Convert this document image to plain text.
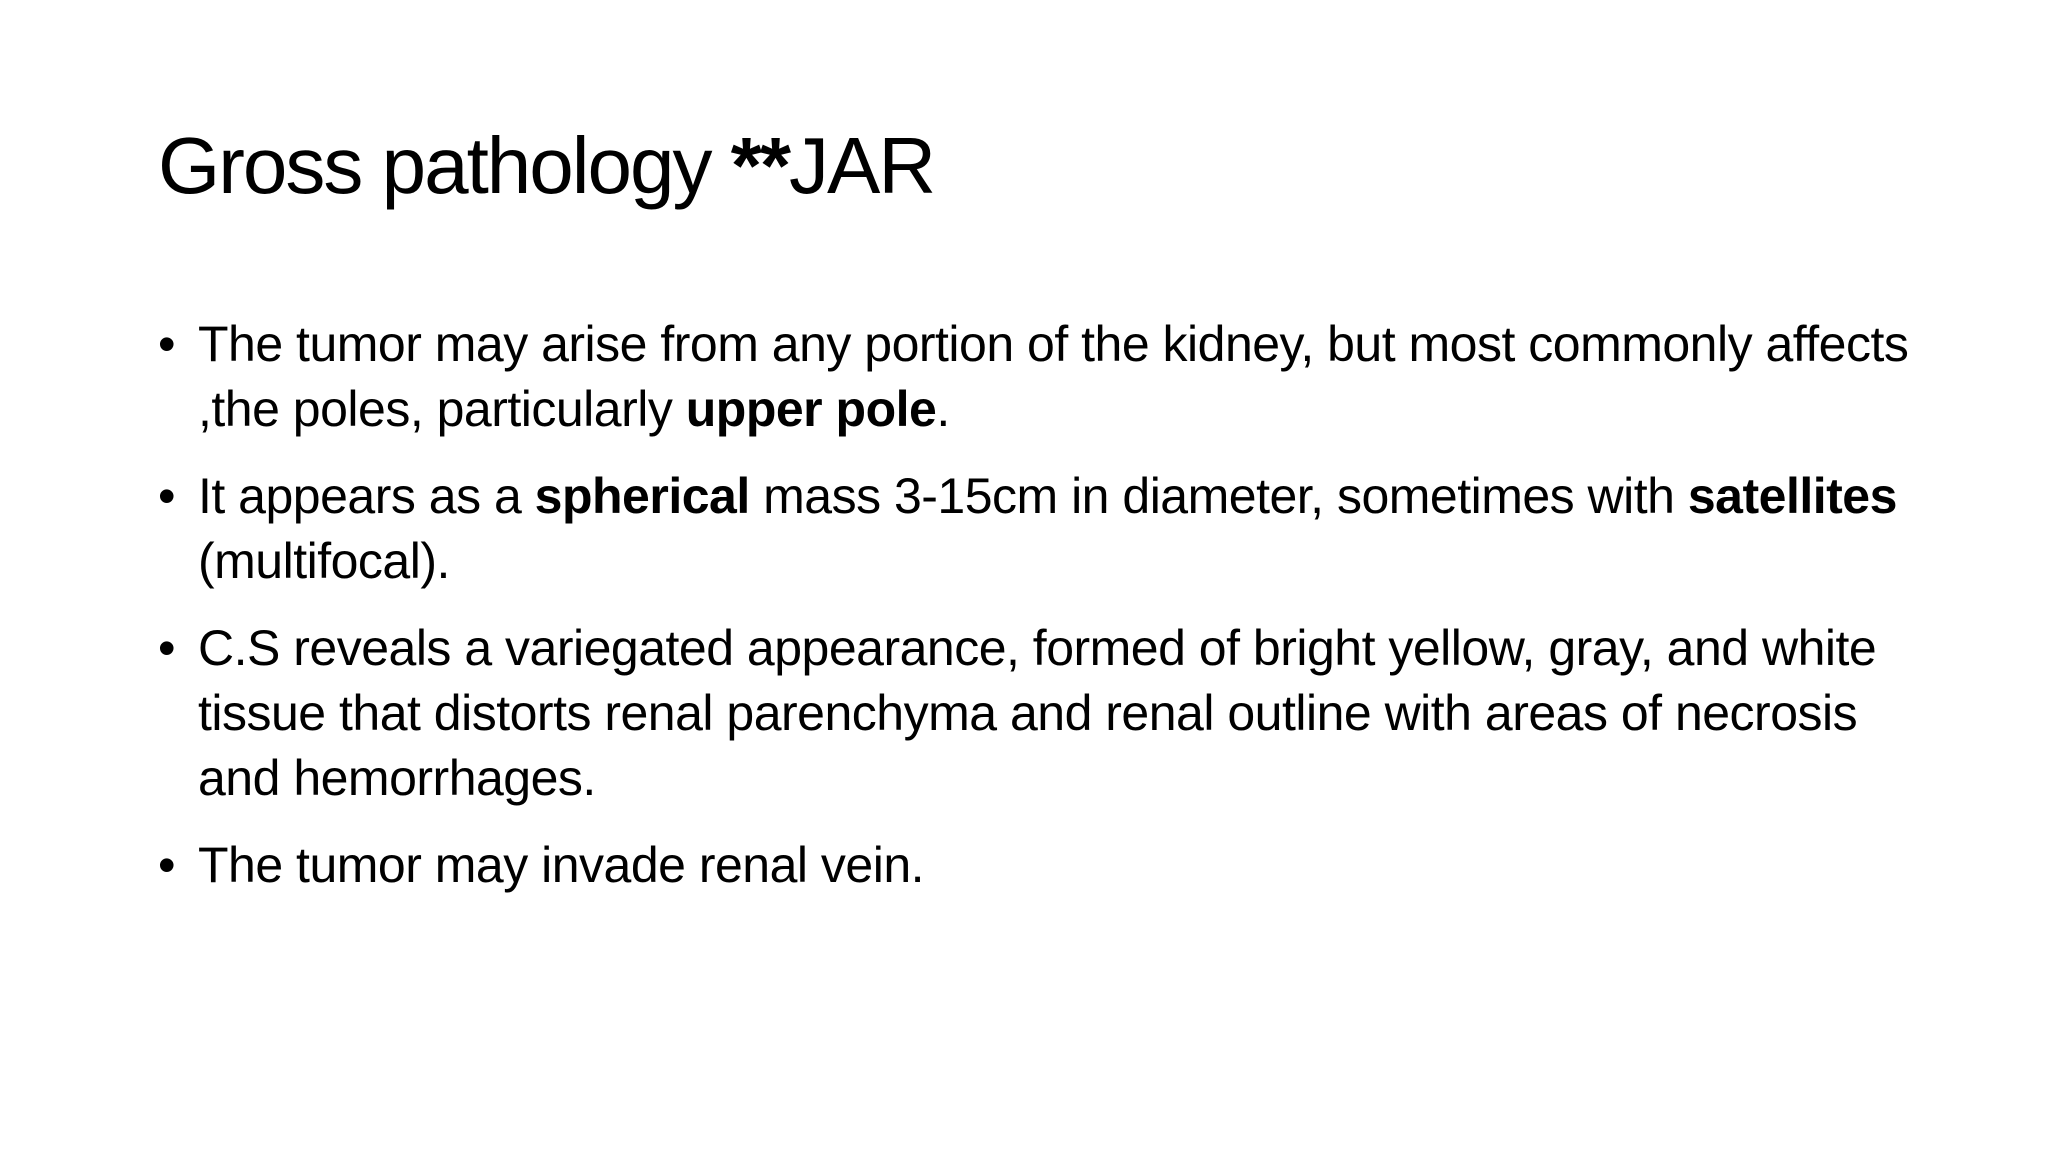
Gross pathology **JAR
• The tumor may arise from any portion of the kidney, but most commonly affects ,the poles, particularly upper pole.
• It appears as a spherical mass 3-15cm in diameter, sometimes with satellites (multifocal).
• C.S reveals a variegated appearance, formed of bright yellow, gray, and white tissue that distorts renal parenchyma and renal outline with areas of necrosis and hemorrhages.
• The tumor may invade renal vein.
